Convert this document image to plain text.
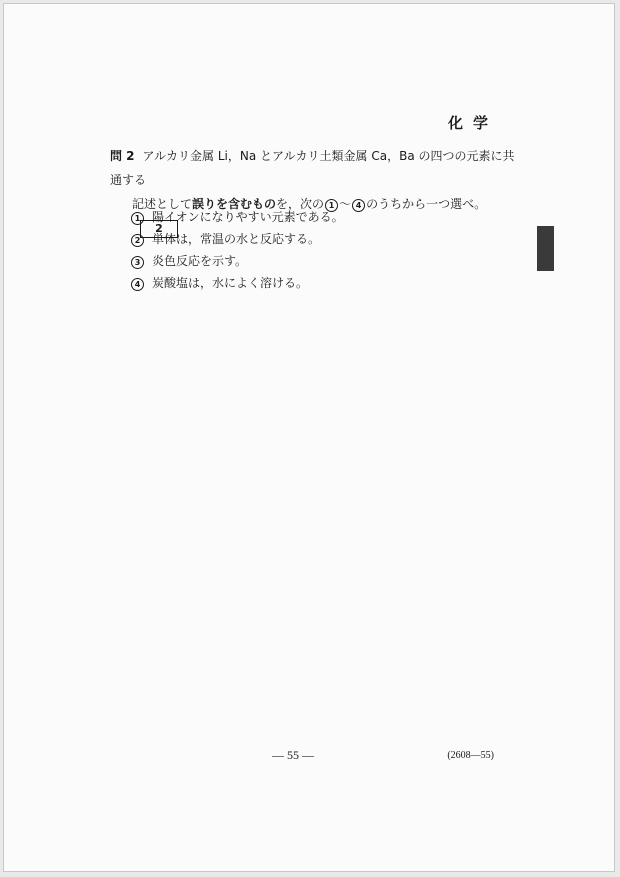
化学
問 2 アルカリ金属 Li，Na とアルカリ土類金属 Ca，Ba の四つの元素に共通する
記述として誤りを含むものを，次の 1 ～ 4 のうちから一つ選べ。2
1 陽イオンになりやすい元素である。
2 単体は，常温の水と反応する。
3 炎色反応を示す。
4 炭酸塩は，水によく溶ける。
― 55 ―	(2608―55)
